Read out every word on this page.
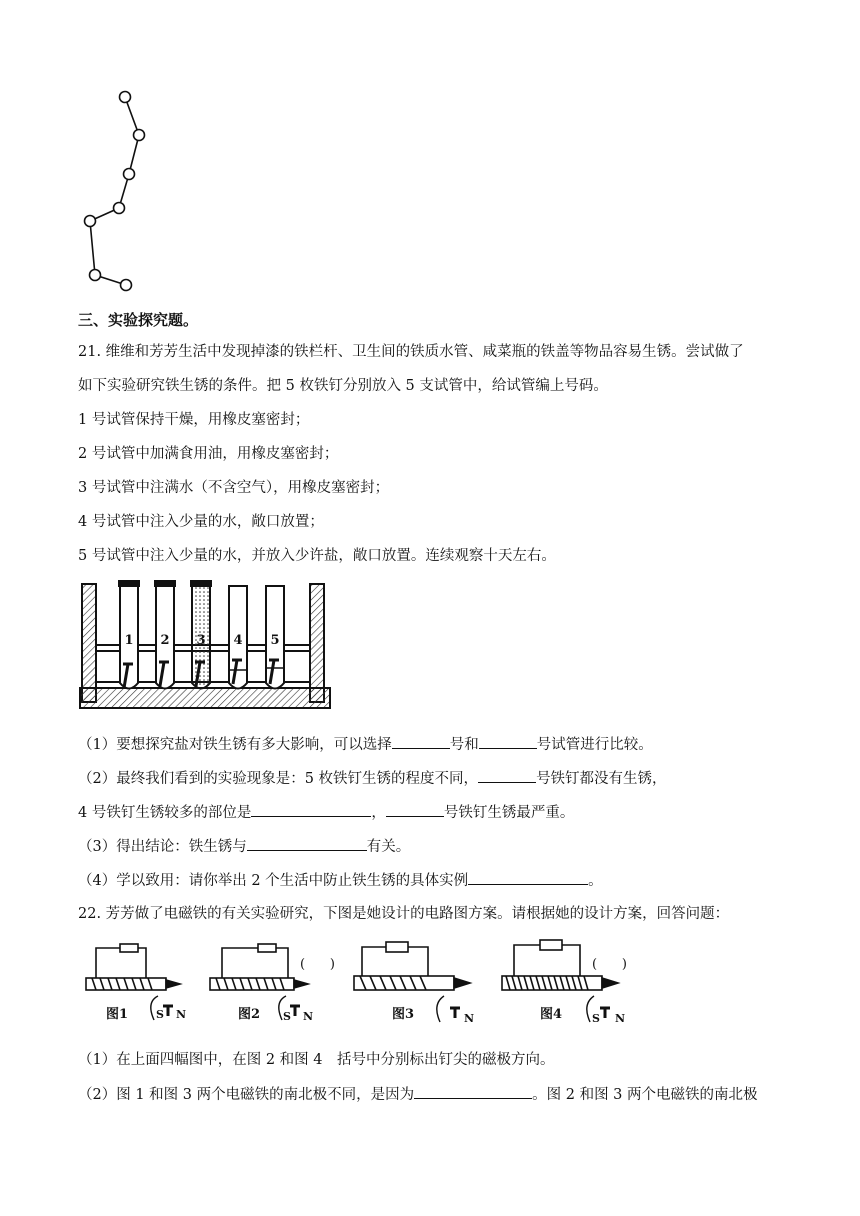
三、实验探究题。
21. 维维和芳芳生活中发现掉漆的铁栏杆、卫生间的铁质水管、咸菜瓶的铁盖等物品容易生锈。尝试做了
如下实验研究铁生锈的条件。把 5 枚铁钉分别放入 5 支试管中，给试管编上号码。
1 号试管保持干燥，用橡皮塞密封；
2 号试管中加满食用油，用橡皮塞密封；
3 号试管中注满水（不含空气），用橡皮塞密封；
4 号试管中注入少量的水，敞口放置；
5 号试管中注入少量的水，并放入少许盐，敞口放置。连续观察十天左右。
1 2 3 4 5
（1）要想探究盐对铁生锈有多大影响，可以选择	号和	号试管进行比较。
（2）最终我们看到的实验现象是：5 枚铁钉生锈的程度不同，	号铁钉都没有生锈，
4 号铁钉生锈较多的部位是	，	号铁钉生锈最严重。
（3）得出结论：铁生锈与	有关。
（4）学以致用：请你举出 2 个生活中防止铁生锈的具体实例	。
22. 芳芳做了电磁铁的有关实验研究，下图是她设计的电路图方案。请根据她的设计方案，回答问题：
(      )	(      )
图1	图2	图3	图4
S N	S N	N	S N
（1）在上面四幅图中，在图 2 和图 4　括号中分别标出钉尖的磁极方向。
（2）图 1 和图 3 两个电磁铁的南北极不同，是因为	。图 2 和图 3 两个电磁铁的南北极
